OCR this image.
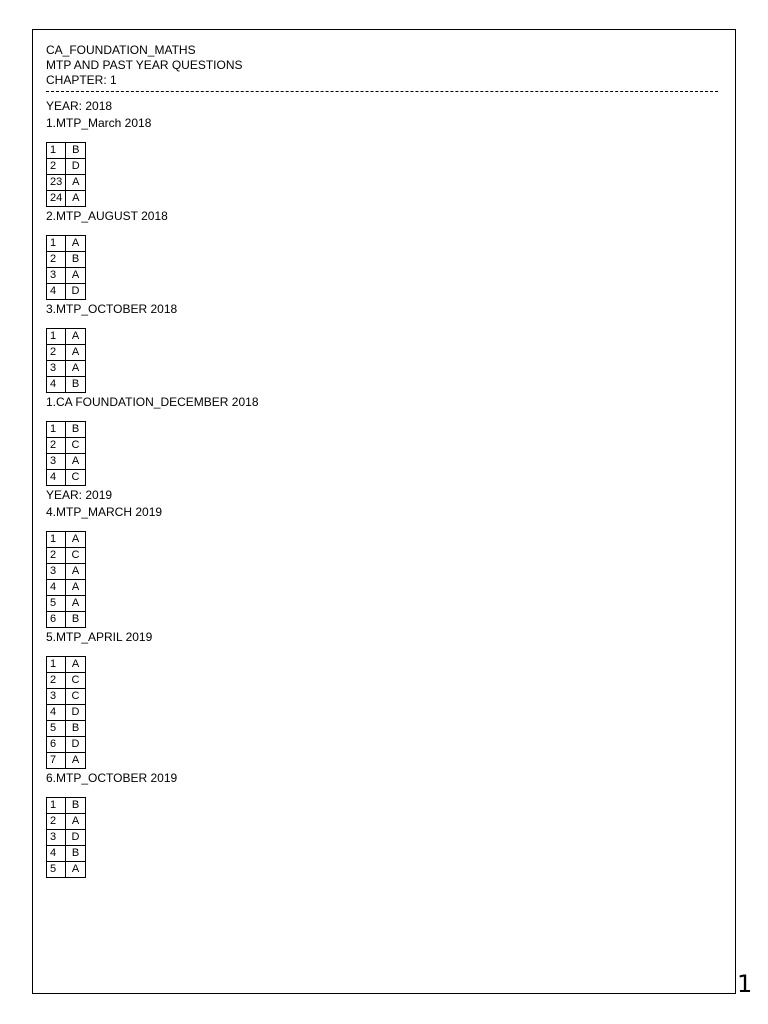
CA_FOUNDATION_MATHS
MTP AND PAST YEAR QUESTIONS
CHAPTER: 1
YEAR: 2018
1.MTP_March 2018
1	B
2	D
23	A
24	A
2.MTP_AUGUST 2018
1	A
2	B
3	A
4	D
3.MTP_OCTOBER 2018
1	A
2	A
3	A
4	B
1.CA FOUNDATION_DECEMBER 2018
1	B
2	C
3	A
4	C
YEAR: 2019
4.MTP_MARCH 2019
1	A
2	C
3	A
4	A
5	A
6	B
5.MTP_APRIL 2019
1	A
2	C
3	C
4	D
5	B
6	D
7	A
6.MTP_OCTOBER 2019
1	B
2	A
3	D
4	B
5	A
1
